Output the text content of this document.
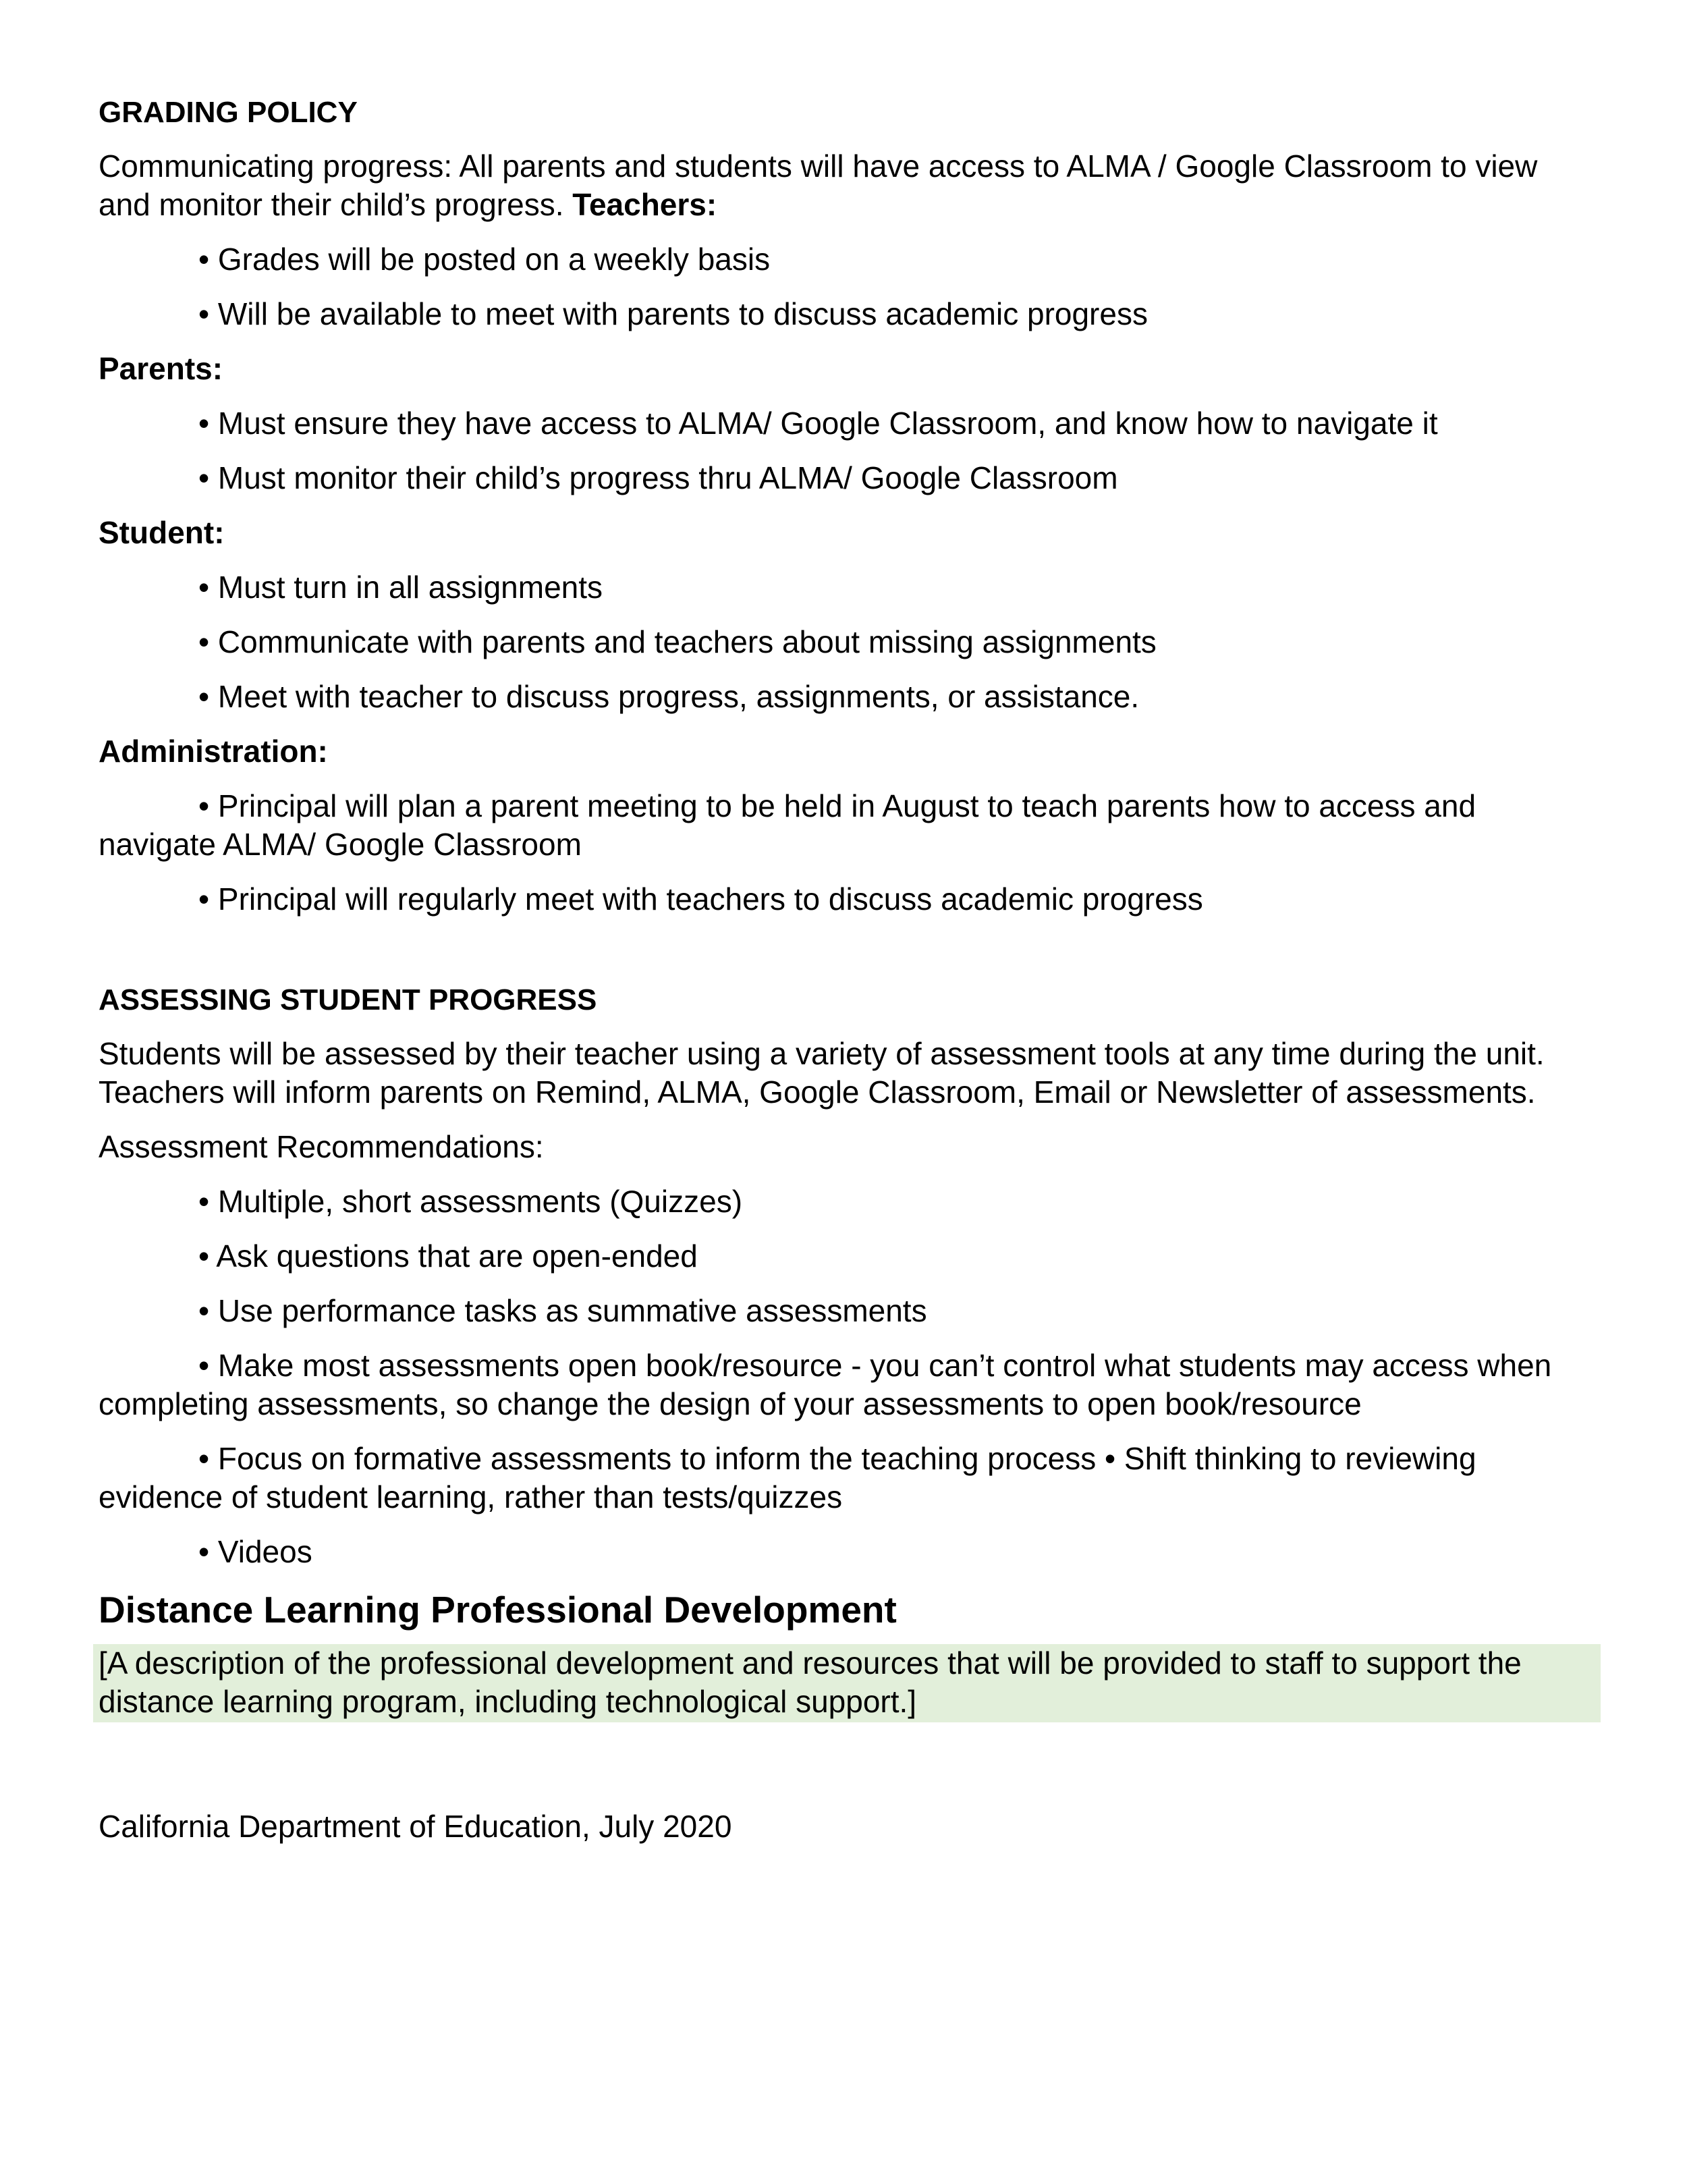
GRADING POLICY
Communicating progress: All parents and students will have access to ALMA / Google Classroom to view and monitor their child’s progress. Teachers:
• Grades will be posted on a weekly basis
• Will be available to meet with parents to discuss academic progress
Parents:
• Must ensure they have access to ALMA/ Google Classroom, and know how to navigate it
• Must monitor their child’s progress thru ALMA/ Google Classroom
Student:
• Must turn in all assignments
• Communicate with parents and teachers about missing assignments
• Meet with teacher to discuss progress, assignments, or assistance.
Administration:
• Principal will plan a parent meeting to be held in August to teach parents how to access and navigate ALMA/ Google Classroom
• Principal will regularly meet with teachers to discuss academic progress
ASSESSING STUDENT PROGRESS
Students will be assessed by their teacher using a variety of assessment tools at any time during the unit. Teachers will inform parents on Remind, ALMA, Google Classroom, Email or Newsletter of assessments.
Assessment Recommendations:
• Multiple, short assessments (Quizzes)
• Ask questions that are open-ended
• Use performance tasks as summative assessments
• Make most assessments open book/resource - you can’t control what students may access when completing assessments, so change the design of your assessments to open book/resource
• Focus on formative assessments to inform the teaching process • Shift thinking to reviewing evidence of student learning, rather than tests/quizzes
• Videos
Distance Learning Professional Development
[A description of the professional development and resources that will be provided to staff to support the distance learning program, including technological support.]
California Department of Education, July 2020
